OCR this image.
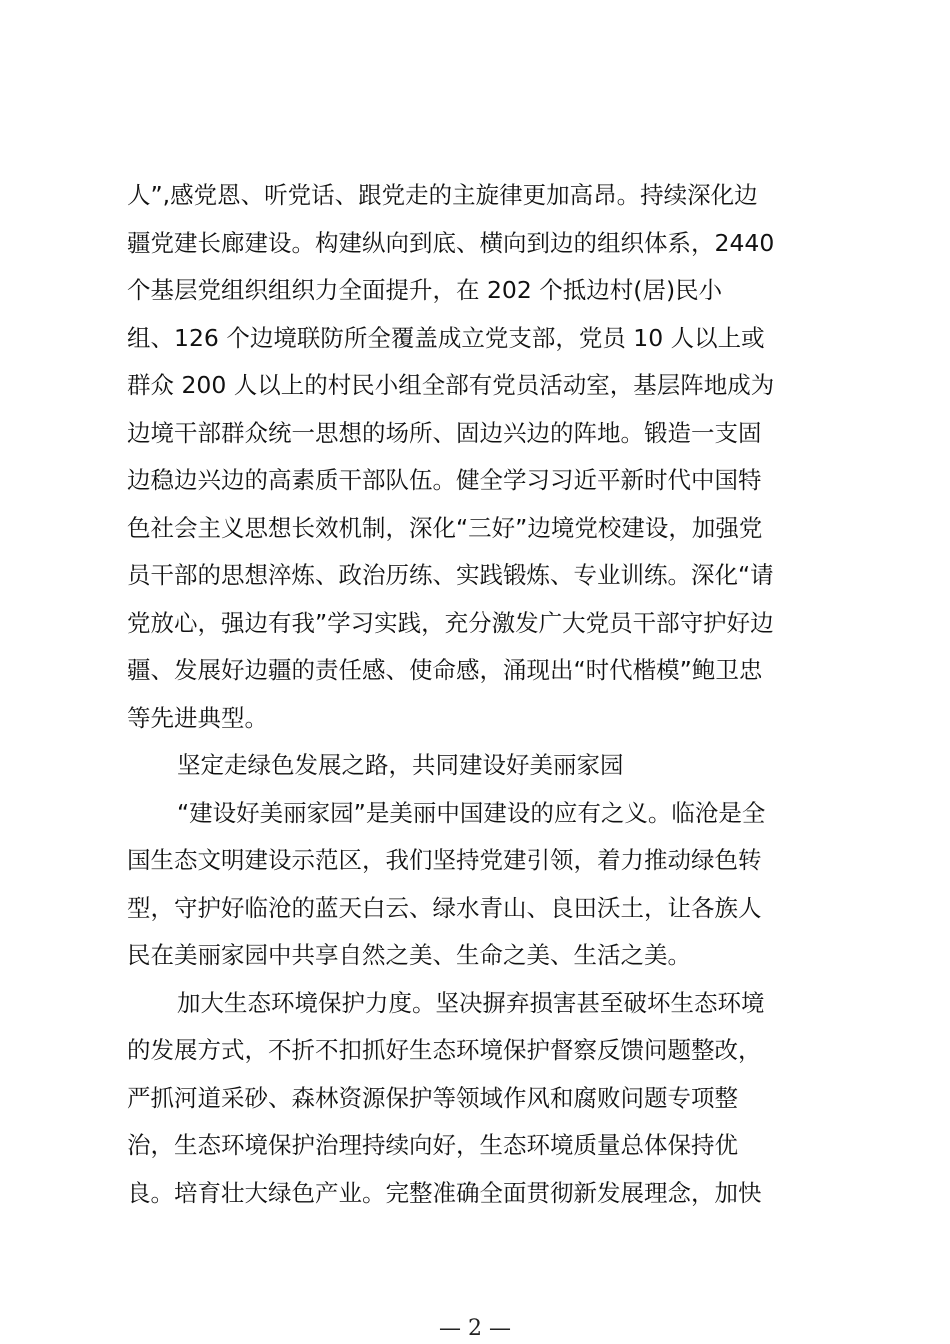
人”,感党恩、听党话、跟党走的主旋律更加高昂。持续深化边
疆党建长廊建设。构建纵向到底、横向到边的组织体系，2440
个基层党组织组织力全面提升，在 202 个抵边村(居)民小
组、126 个边境联防所全覆盖成立党支部，党员 10 人以上或
群众 200 人以上的村民小组全部有党员活动室，基层阵地成为
边境干部群众统一思想的场所、固边兴边的阵地。锻造一支固
边稳边兴边的高素质干部队伍。健全学习习近平新时代中国特
色社会主义思想长效机制，深化“三好”边境党校建设，加强党
员干部的思想淬炼、政治历练、实践锻炼、专业训练。深化“请
党放心，强边有我”学习实践，充分激发广大党员干部守护好边
疆、发展好边疆的责任感、使命感，涌现出“时代楷模”鲍卫忠
等先进典型。
坚定走绿色发展之路，共同建设好美丽家园
“建设好美丽家园”是美丽中国建设的应有之义。临沧是全
国生态文明建设示范区，我们坚持党建引领，着力推动绿色转
型，守护好临沧的蓝天白云、绿水青山、良田沃土，让各族人
民在美丽家园中共享自然之美、生命之美、生活之美。
加大生态环境保护力度。坚决摒弃损害甚至破坏生态环境
的发展方式，不折不扣抓好生态环境保护督察反馈问题整改，
严抓河道采砂、森林资源保护等领域作风和腐败问题专项整
治，生态环境保护治理持续向好，生态环境质量总体保持优
良。培育壮大绿色产业。完整准确全面贯彻新发展理念，加快
— 2 —
